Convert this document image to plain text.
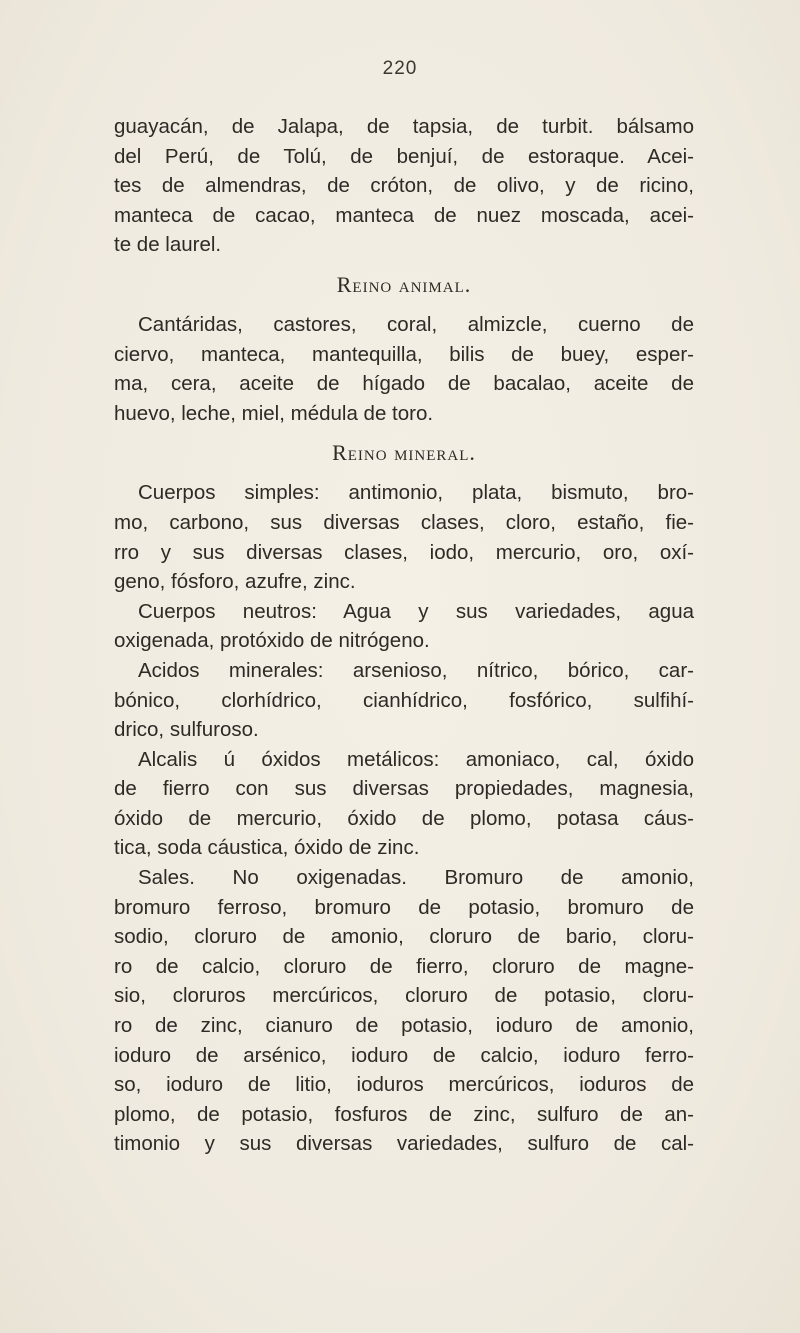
220
guayacán, de Jalapa, de tapsia, de turbit. bálsamo
del Perú, de Tolú, de benjuí, de estoraque. Acei-
tes de almendras, de cróton, de olivo, y de ricino,
manteca de cacao, manteca de nuez moscada, acei-
te de laurel.
Reino animal.
Cantáridas, castores, coral, almizcle, cuerno de
ciervo, manteca, mantequilla, bilis de buey, esper-
ma, cera, aceite de hígado de bacalao, aceite de
huevo, leche, miel, médula de toro.
Reino mineral.
Cuerpos simples: antimonio, plata, bismuto, bro-
mo, carbono, sus diversas clases, cloro, estaño, fie-
rro y sus diversas clases, iodo, mercurio, oro, oxí-
geno, fósforo, azufre, zinc.
Cuerpos neutros: Agua y sus variedades, agua
oxigenada, protóxido de nitrógeno.
Acidos minerales: arsenioso, nítrico, bórico, car-
bónico, clorhídrico, cianhídrico, fosfórico, sulfihí-
drico, sulfuroso.
Alcalis ú óxidos metálicos: amoniaco, cal, óxido
de fierro con sus diversas propiedades, magnesia,
óxido de mercurio, óxido de plomo, potasa cáus-
tica, soda cáustica, óxido de zinc.
Sales. No oxigenadas. Bromuro de amonio,
bromuro ferroso, bromuro de potasio, bromuro de
sodio, cloruro de amonio, cloruro de bario, cloru-
ro de calcio, cloruro de fierro, cloruro de magne-
sio, cloruros mercúricos, cloruro de potasio, cloru-
ro de zinc, cianuro de potasio, ioduro de amonio,
ioduro de arsénico, ioduro de calcio, ioduro ferro-
so, ioduro de litio, ioduros mercúricos, ioduros de
plomo, de potasio, fosfuros de zinc, sulfuro de an-
timonio y sus diversas variedades, sulfuro de cal-
